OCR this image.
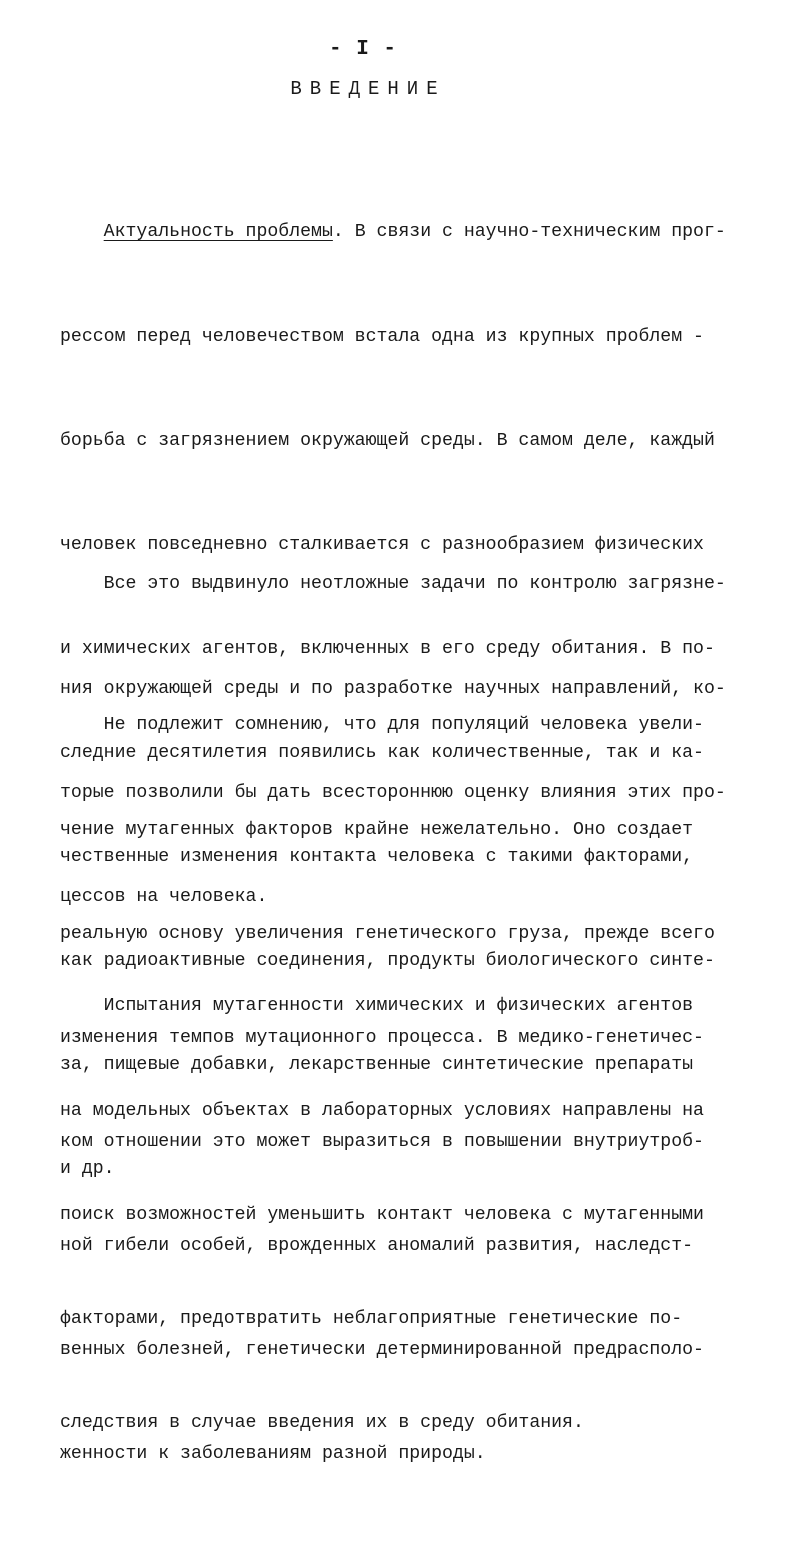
- I -
ВВЕДЕНИЕ

Актуальность проблемы. В связи с научно-техническим прог-

рессом перед человечеством встала одна из крупных проблем -

борьба с загрязнением окружающей среды. В самом деле, каждый

человек повседневно сталкивается с разнообразием физических

и химических агентов, включенных в его среду обитания. В по-

следние десятилетия появились как количественные, так и ка-

чественные изменения контакта человека с такими факторами,

как радиоактивные соединения, продукты биологического синте-

за, пищевые добавки, лекарственные синтетические препараты

и др.

Все это выдвинуло неотложные задачи по контролю загрязне-

ния окружающей среды и по разработке научных направлений, ко-

торые позволили бы дать всестороннюю оценку влияния этих про-

цессов на человека.

Не подлежит сомнению, что для популяций человека увели-

чение мутагенных факторов крайне нежелательно. Оно создает

реальную основу увеличения генетического груза, прежде всего

изменения темпов мутационного процесса. В медико-генетичес-

ком отношении это может выразиться в повышении внутриутроб-

ной гибели особей, врожденных аномалий развития, наследст-

венных болезней, генетически детерминированной предрасполо-

женности к заболеваниям разной природы.

Испытания мутагенности химических и физических агентов

на модельных объектах в лабораторных условиях направлены на

поиск возможностей уменьшить контакт человека с мутагенными

факторами, предотвратить неблагоприятные генетические по-

следствия в случае введения их в среду обитания.
